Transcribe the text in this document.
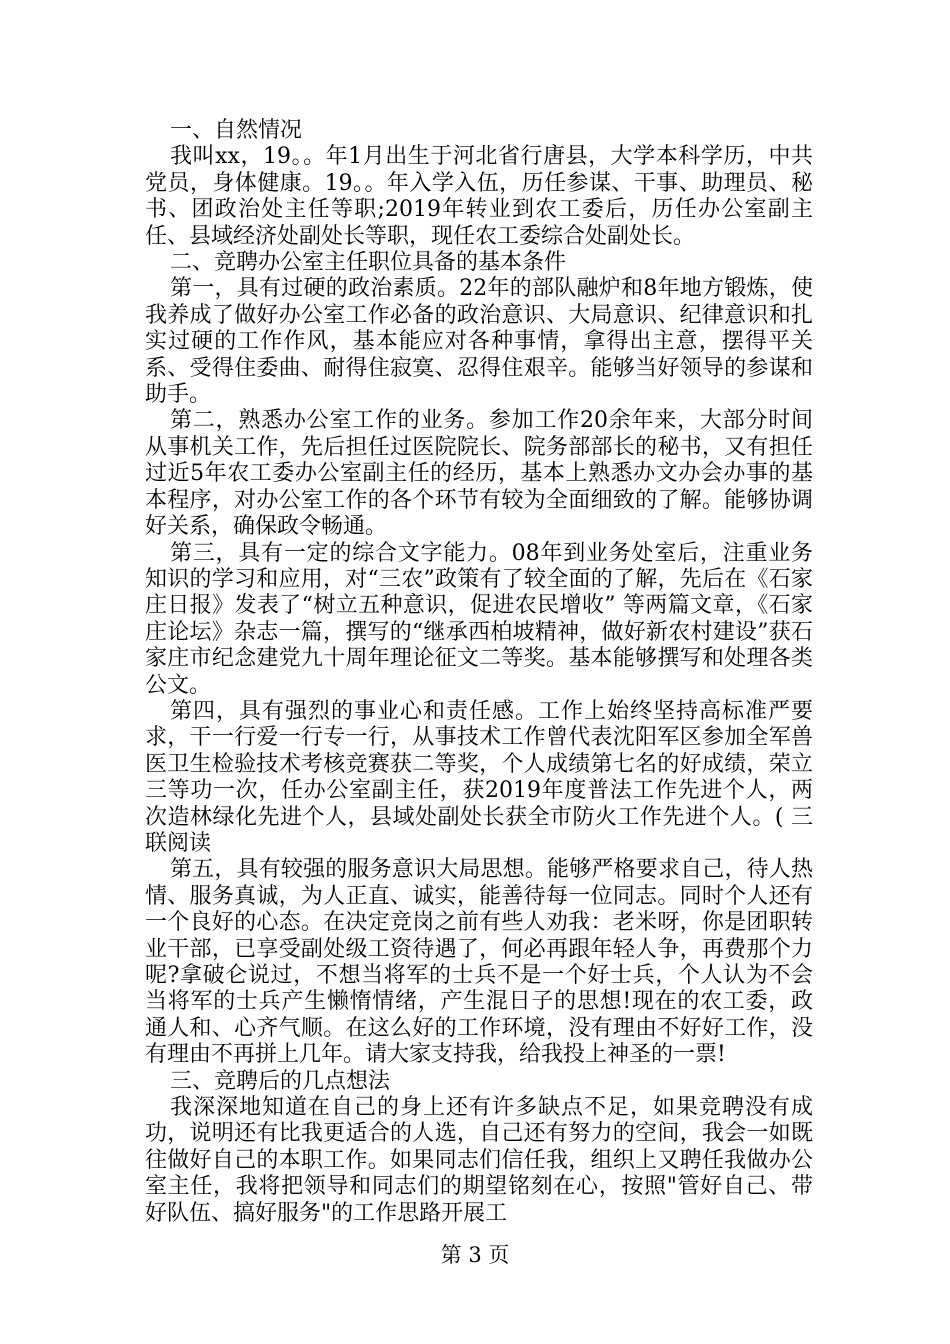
一、自然情况

我叫xx，19。。年1月出生于河北省行唐县，大学本科学历，中共党员，身体健康。19。。年入学入伍，历任参谋、干事、助理员、秘书、团政治处主任等职;2019年转业到农工委后，历任办公室副主任、县域经济处副处长等职，现任农工委综合处副处长。

二、竞聘办公室主任职位具备的基本条件

第一，具有过硬的政治素质。22年的部队融炉和8年地方锻炼，使我养成了做好办公室工作必备的政治意识、大局意识、纪律意识和扎实过硬的工作作风，基本能应对各种事情，拿得出主意，摆得平关系、受得住委曲、耐得住寂寞、忍得住艰辛。能够当好领导的参谋和助手。

第二，熟悉办公室工作的业务。参加工作20余年来，大部分时间从事机关工作，先后担任过医院院长、院务部部长的秘书，又有担任过近5年农工委办公室副主任的经历，基本上熟悉办文办会办事的基本程序，对办公室工作的各个环节有较为全面细致的了解。能够协调好关系，确保政令畅通。

第三，具有一定的综合文字能力。08年到业务处室后，注重业务知识的学习和应用，对“三农”政策有了较全面的了解，先后在《石家庄日报》发表了“树立五种意识，促进农民增收” 等两篇文章，《石家庄论坛》杂志一篇，撰写的“继承西柏坡精神，做好新农村建设”获石家庄市纪念建党九十周年理论征文二等奖。基本能够撰写和处理各类公文。

第四，具有强烈的事业心和责任感。工作上始终坚持高标准严要求，干一行爱一行专一行，从事技术工作曾代表沈阳军区参加全军兽医卫生检验技术考核竞赛获二等奖，个人成绩第七名的好成绩，荣立三等功一次，任办公室副主任，获2019年度普法工作先进个人，两次造林绿化先进个人，县域处副处长获全市防火工作先进个人。( 三联阅读

第五，具有较强的服务意识大局思想。能够严格要求自己，待人热情、服务真诚，为人正直、诚实，能善待每一位同志。同时个人还有一个良好的心态。在决定竞岗之前有些人劝我：老米呀，你是团职转业干部，已享受副处级工资待遇了，何必再跟年轻人争，再费那个力呢?拿破仑说过，不想当将军的士兵不是一个好士兵，个人认为不会当将军的士兵产生懒惰情绪，产生混日子的思想!现在的农工委，政通人和、心齐气顺。在这么好的工作环境，没有理由不好好工作，没有理由不再拼上几年。请大家支持我，给我投上神圣的一票!

三、竞聘后的几点想法

我深深地知道在自己的身上还有许多缺点不足，如果竞聘没有成功，说明还有比我更适合的人选，自己还有努力的空间，我会一如既往做好自己的本职工作。如果同志们信任我，组织上又聘任我做办公室主任，我将把领导和同志们的期望铭刻在心，按照"管好自己、带好队伍、搞好服务"的工作思路开展工

第 3 页
